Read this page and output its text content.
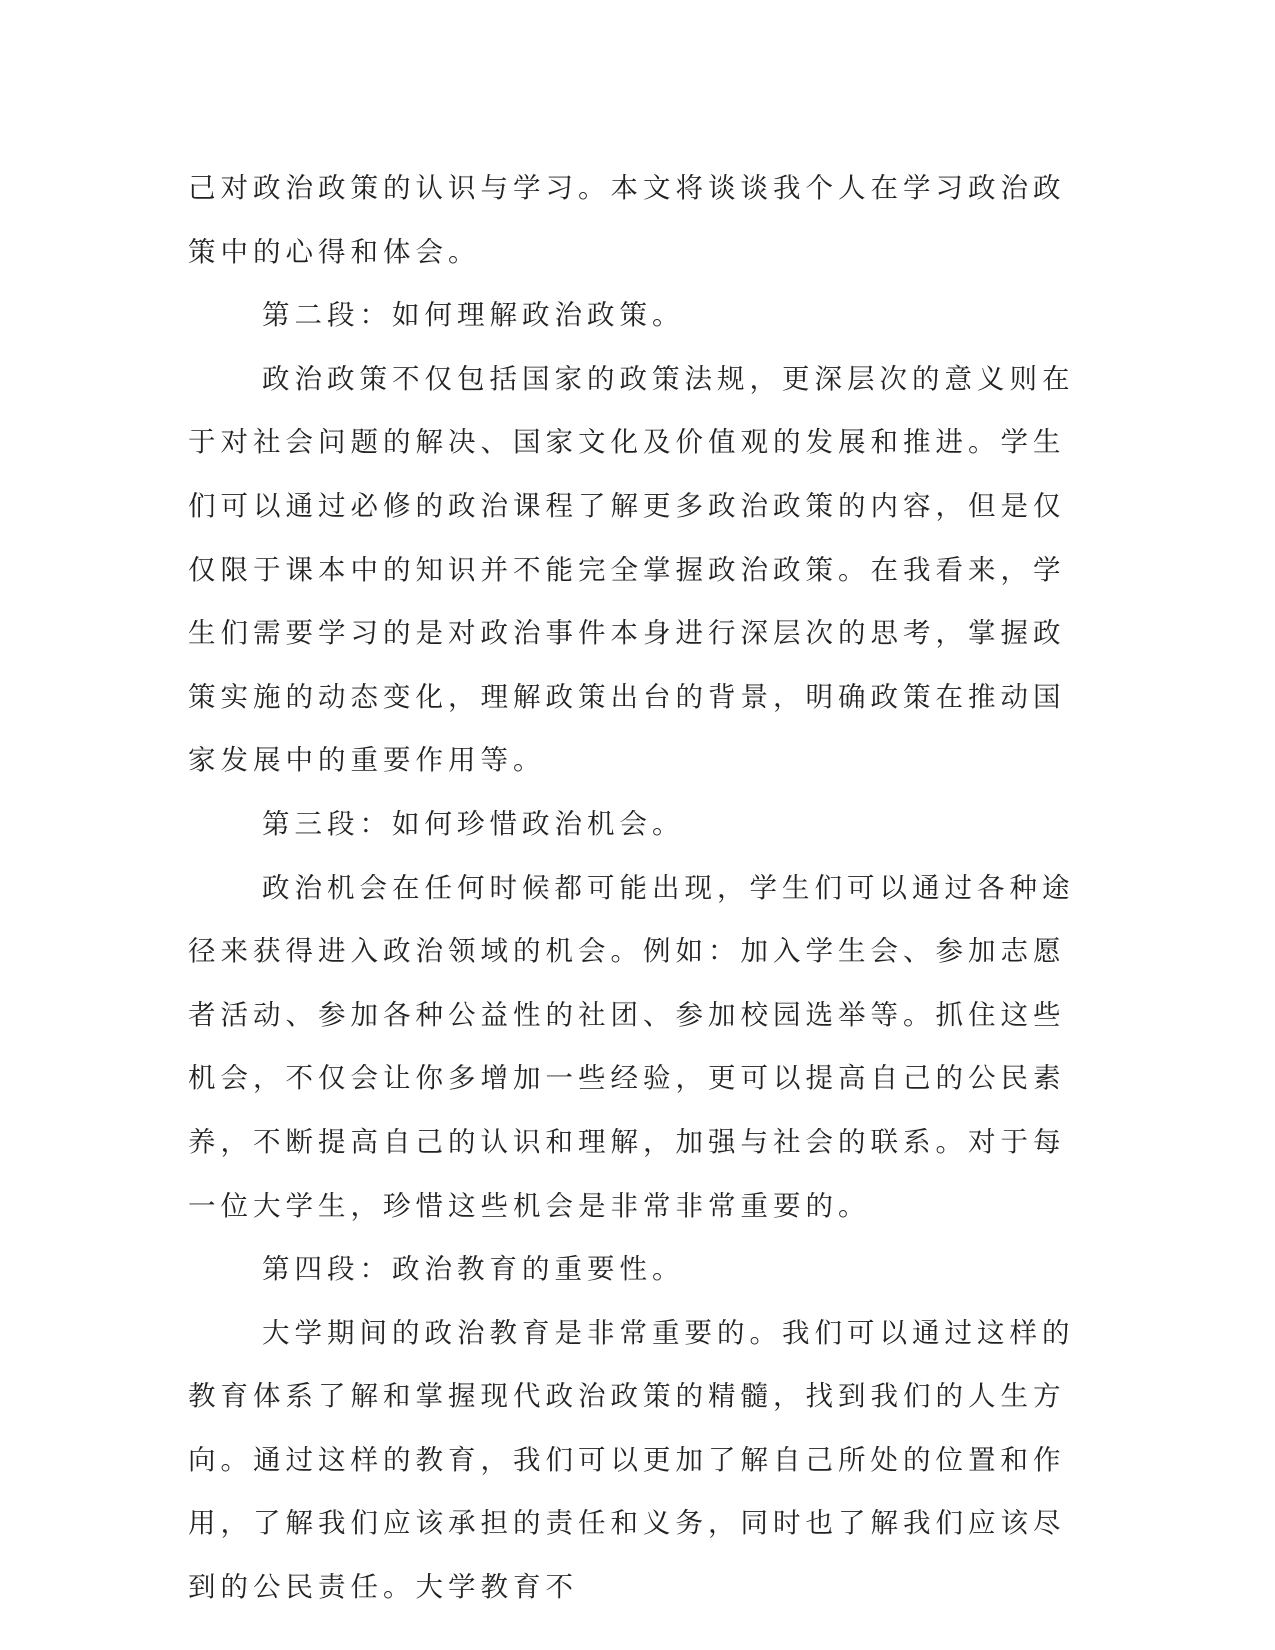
己对政治政策的认识与学习。本文将谈谈我个人在学习政治政策中的心得和体会。

第二段：如何理解政治政策。

政治政策不仅包括国家的政策法规，更深层次的意义则在于对社会问题的解决、国家文化及价值观的发展和推进。学生们可以通过必修的政治课程了解更多政治政策的内容，但是仅仅限于课本中的知识并不能完全掌握政治政策。在我看来，学生们需要学习的是对政治事件本身进行深层次的思考，掌握政策实施的动态变化，理解政策出台的背景，明确政策在推动国家发展中的重要作用等。

第三段：如何珍惜政治机会。

政治机会在任何时候都可能出现，学生们可以通过各种途径来获得进入政治领域的机会。例如：加入学生会、参加志愿者活动、参加各种公益性的社团、参加校园选举等。抓住这些机会，不仅会让你多增加一些经验，更可以提高自己的公民素养，不断提高自己的认识和理解，加强与社会的联系。对于每一位大学生，珍惜这些机会是非常非常重要的。

第四段：政治教育的重要性。

大学期间的政治教育是非常重要的。我们可以通过这样的教育体系了解和掌握现代政治政策的精髓，找到我们的人生方向。通过这样的教育，我们可以更加了解自己所处的位置和作用，了解我们应该承担的责任和义务，同时也了解我们应该尽到的公民责任。大学教育不
